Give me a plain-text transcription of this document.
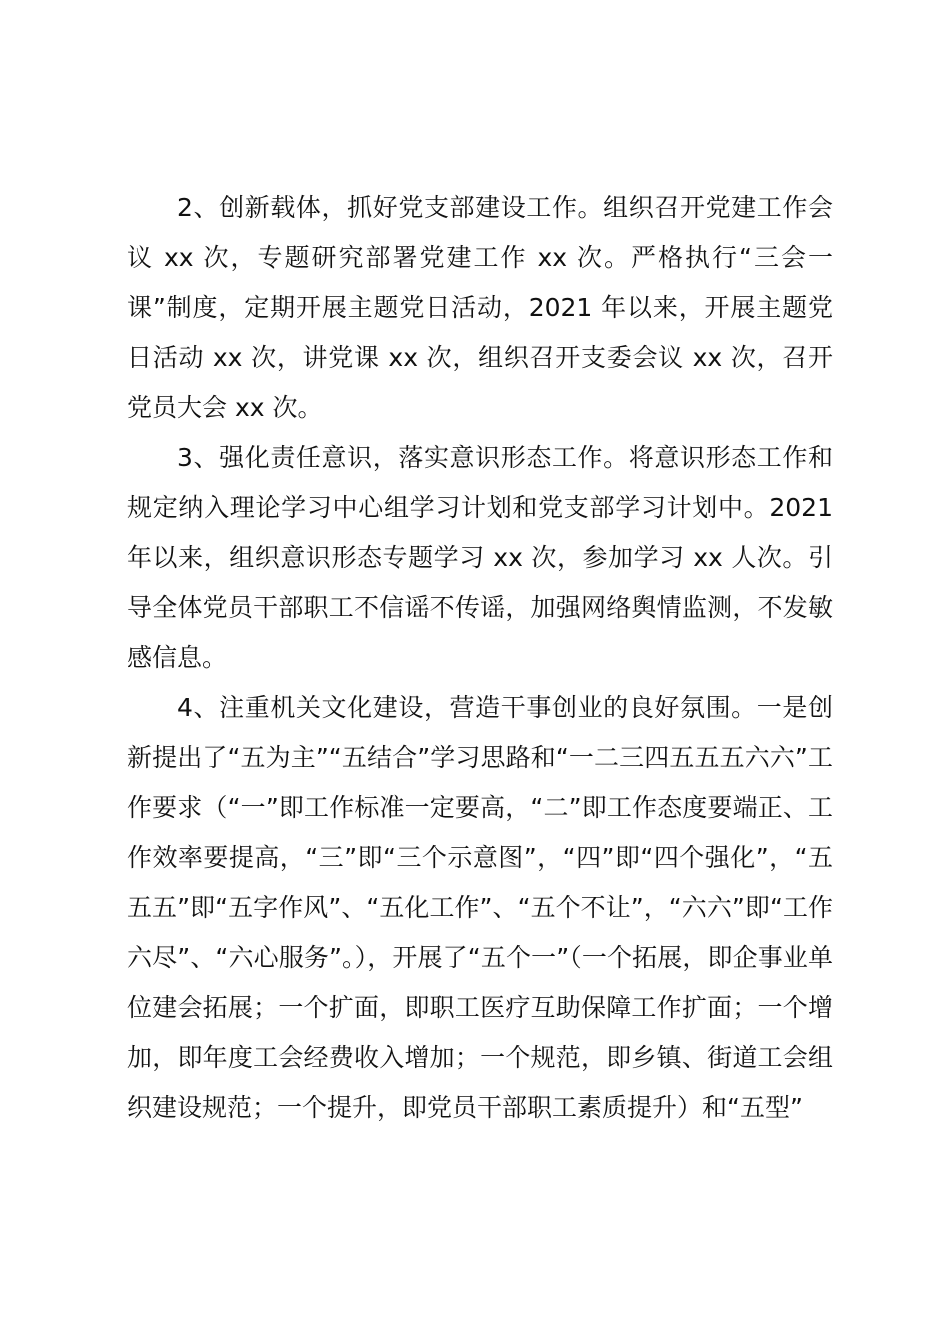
2、创新载体，抓好党支部建设工作。组织召开党建工作会议 xx 次，专题研究部署党建工作 xx 次。严格执行“三会一课”制度，定期开展主题党日活动，2021 年以来，开展主题党日活动 xx 次，讲党课 xx 次，组织召开支委会议 xx 次，召开党员大会 xx 次。

3、强化责任意识，落实意识形态工作。将意识形态工作和规定纳入理论学习中心组学习计划和党支部学习计划中。2021 年以来，组织意识形态专题学习 xx 次，参加学习 xx 人次。引导全体党员干部职工不信谣不传谣，加强网络舆情监测，不发敏感信息。

4、注重机关文化建设，营造干事创业的良好氛围。一是创新提出了“五为主”“五结合”学习思路和“一二三四五五五六六”工作要求（“一”即工作标准一定要高，“二”即工作态度要端正、工作效率要提高，“三”即“三个示意图”，“四”即“四个强化”，“五五五”即“五字作风”、“五化工作”、“五个不让”，“六六”即“工作六尽”、“六心服务”。），开展了“五个一”（一个拓展，即企事业单位建会拓展；一个扩面，即职工医疗互助保障工作扩面；一个增加，即年度工会经费收入增加；一个规范，即乡镇、街道工会组织建设规范；一个提升，即党员干部职工素质提升）和“五型”
